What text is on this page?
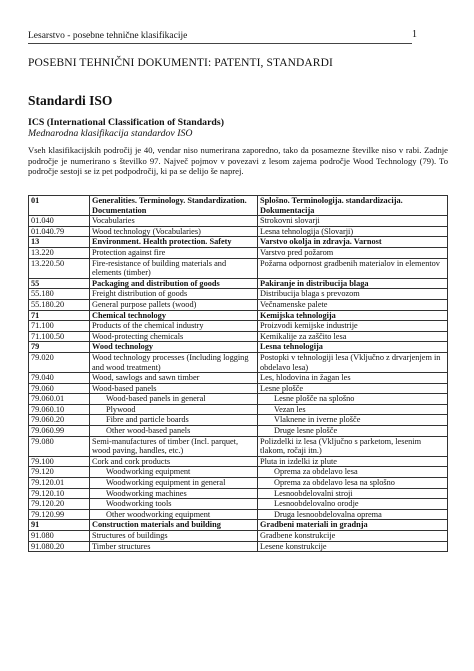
Lesarstvo - posebne tehnične klasifikacije	1
POSEBNI TEHNIČNI DOKUMENTI: PATENTI, STANDARDI
Standardi ISO
ICS (International Classification of Standards)
Mednarodna klasifikacija standardov ISO
Vseh klasifikacijskih področij je 40, vendar niso numerirana zaporedno, tako da posamezne številke niso v rabi. Zadnje področje je numerirano s številko 97. Največ pojmov v povezavi z lesom zajema področje Wood Technology (79). To področje sestoji se iz pet podpodročij, ki pa se delijo še naprej.
01	Generalities. Terminology. Standardization. Documentation	Splošno. Terminologija. standardizacija. Dokumentacija
01.040	Vocabularies	Strokovni slovarji
01.040.79	Wood technology (Vocabularies)	Lesna tehnologija (Slovarji)
13	Environment. Health protection. Safety	Varstvo okolja in zdravja. Varnost
13.220	Protection against fire	Varstvo pred požarom
13.220.50	Fire-resistance of building materials and elements (timber)	Požarna odpornost gradbenih materialov in elementov
55	Packaging and distribution of goods	Pakiranje in distribucija blaga
55.180	Freight distribution of goods	Distribucija blaga s prevozom
55.180.20	General purpose pallets (wood)	Večnamenske palete
71	Chemical technology	Kemijska tehnologija
71.100	Products of the chemical industry	Proizvodi kemijske industrije
71.100.50	Wood-protecting chemicals	Kemikalije za zaščito lesa
79	Wood technology	Lesna tehnologija
79.020	Wood technology processes (Including logging and wood treatment)	Postopki v tehnologiji lesa (Vključno z drvarjenjem in obdelavo lesa)
79.040	Wood, sawlogs and sawn timber	Les, hlodovina in žagan les
79.060	Wood-based panels	Lesne plošče
79.060.01	Wood-based panels in general	Lesne plošče na splošno
79.060.10	Plywood	Vezan les
79.060.20	Fibre and particle boards	Vlaknene in iverne plošče
79.060.99	Other wood-based panels	Druge lesne plošče
79.080	Semi-manufactures of timber (Incl. parquet, wood paving, handles, etc.)	Polizdelki iz lesa (Vključno s parketom, lesenim tlakom, ročaji itn.)
79.100	Cork and cork products	Pluta in izdelki iz plute
79.120	Woodworking equipment	Oprema za obdelavo lesa
79.120.01	Woodworking equipment in general	Oprema za obdelavo lesa na splošno
79.120.10	Woodworking machines	Lesnoobdelovalni stroji
79.120.20	Woodworking tools	Lesnoobdelovalno orodje
79.120.99	Other woodworking equipment	Druga lesnoobdelovalna oprema
91	Construction materials and building	Gradbeni materiali in gradnja
91.080	Structures of buildings	Gradbene konstrukcije
91.080.20	Timber structures	Lesene konstrukcije
